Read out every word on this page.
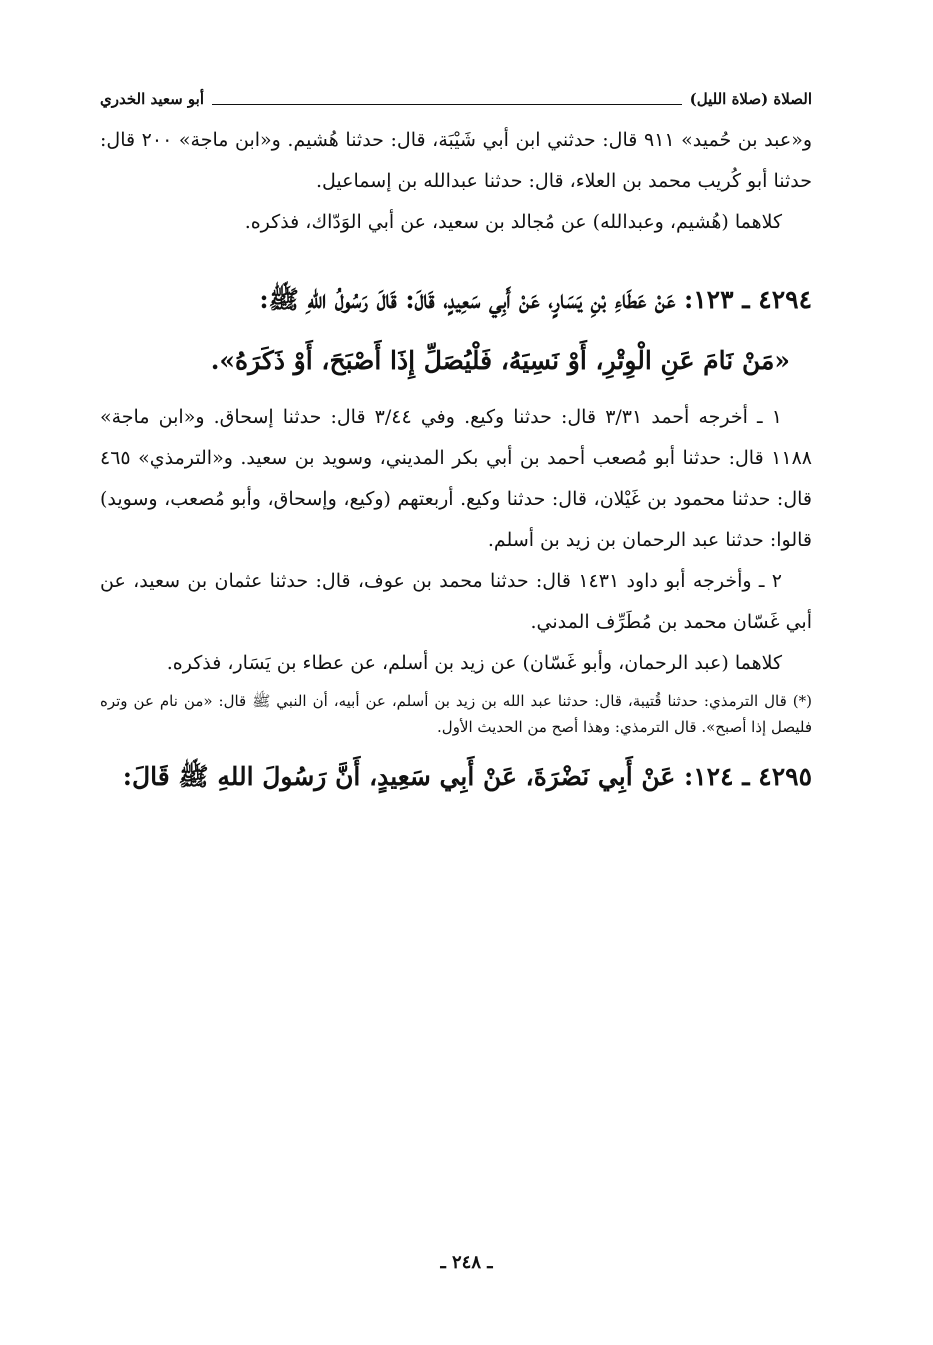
الصلاة (صلاة الليل)
أبو سعيد الخدري

و«عبد بن حُميد» ٩١١ قال: حدثني ابن أبي شَيْبَة، قال: حدثنا هُشيم. و«ابن ماجة» ٢٠٠ قال: حدثنا أبو كُريب محمد بن العلاء، قال: حدثنا عبدالله بن إسماعيل.

كلاهما (هُشيم، وعبدالله) عن مُجالد بن سعيد، عن أبي الوَدّاك، فذكره.

٤٢٩٤ ـ ١٢٣: عَنْ عَطَاءِ بْنِ يَسَارٍ، عَنْ أَبِي سَعِيدٍ، قَالَ: قَالَ رَسُولُ اللهِ ﷺ:

«مَنْ نَامَ عَنِ الْوِتْرِ، أَوْ نَسِيَهُ، فَلْيُصَلِّ إِذَا أَصْبَحَ، أَوْ ذَكَرَهُ».

١ ـ أخرجه أحمد ٣/٣١ قال: حدثنا وكيع. وفي ٣/٤٤ قال: حدثنا إسحاق. و«ابن ماجة» ١١٨٨ قال: حدثنا أبو مُصعب أحمد بن أبي بكر المديني، وسويد بن سعيد. و«الترمذي» ٤٦٥ قال: حدثنا محمود بن غَيْلان، قال: حدثنا وكيع. أربعتهم (وكيع، وإسحاق، وأبو مُصعب، وسويد) قالوا: حدثنا عبد الرحمان بن زيد بن أسلم.

٢ ـ وأخرجه أبو داود ١٤٣١ قال: حدثنا محمد بن عوف، قال: حدثنا عثمان بن سعيد، عن أبي غَسّان محمد بن مُطَرِّف المدني.

كلاهما (عبد الرحمان، وأبو غَسّان) عن زيد بن أسلم، عن عطاء بن يَسَار، فذكره.

(*) قال الترمذي: حدثنا قُتيبة، قال: حدثنا عبد الله بن زيد بن أسلم، عن أبيه، أن النبي ﷺ قال: «من نام عن وتره فليصل إذا أصبح». قال الترمذي: وهذا أصح من الحديث الأول.

٤٢٩٥ ـ ١٢٤: عَنْ أَبِي نَضْرَةَ، عَنْ أَبِي سَعِيدٍ، أَنَّ رَسُولَ اللهِ ﷺ قَالَ:

ـ ٢٤٨ ـ
